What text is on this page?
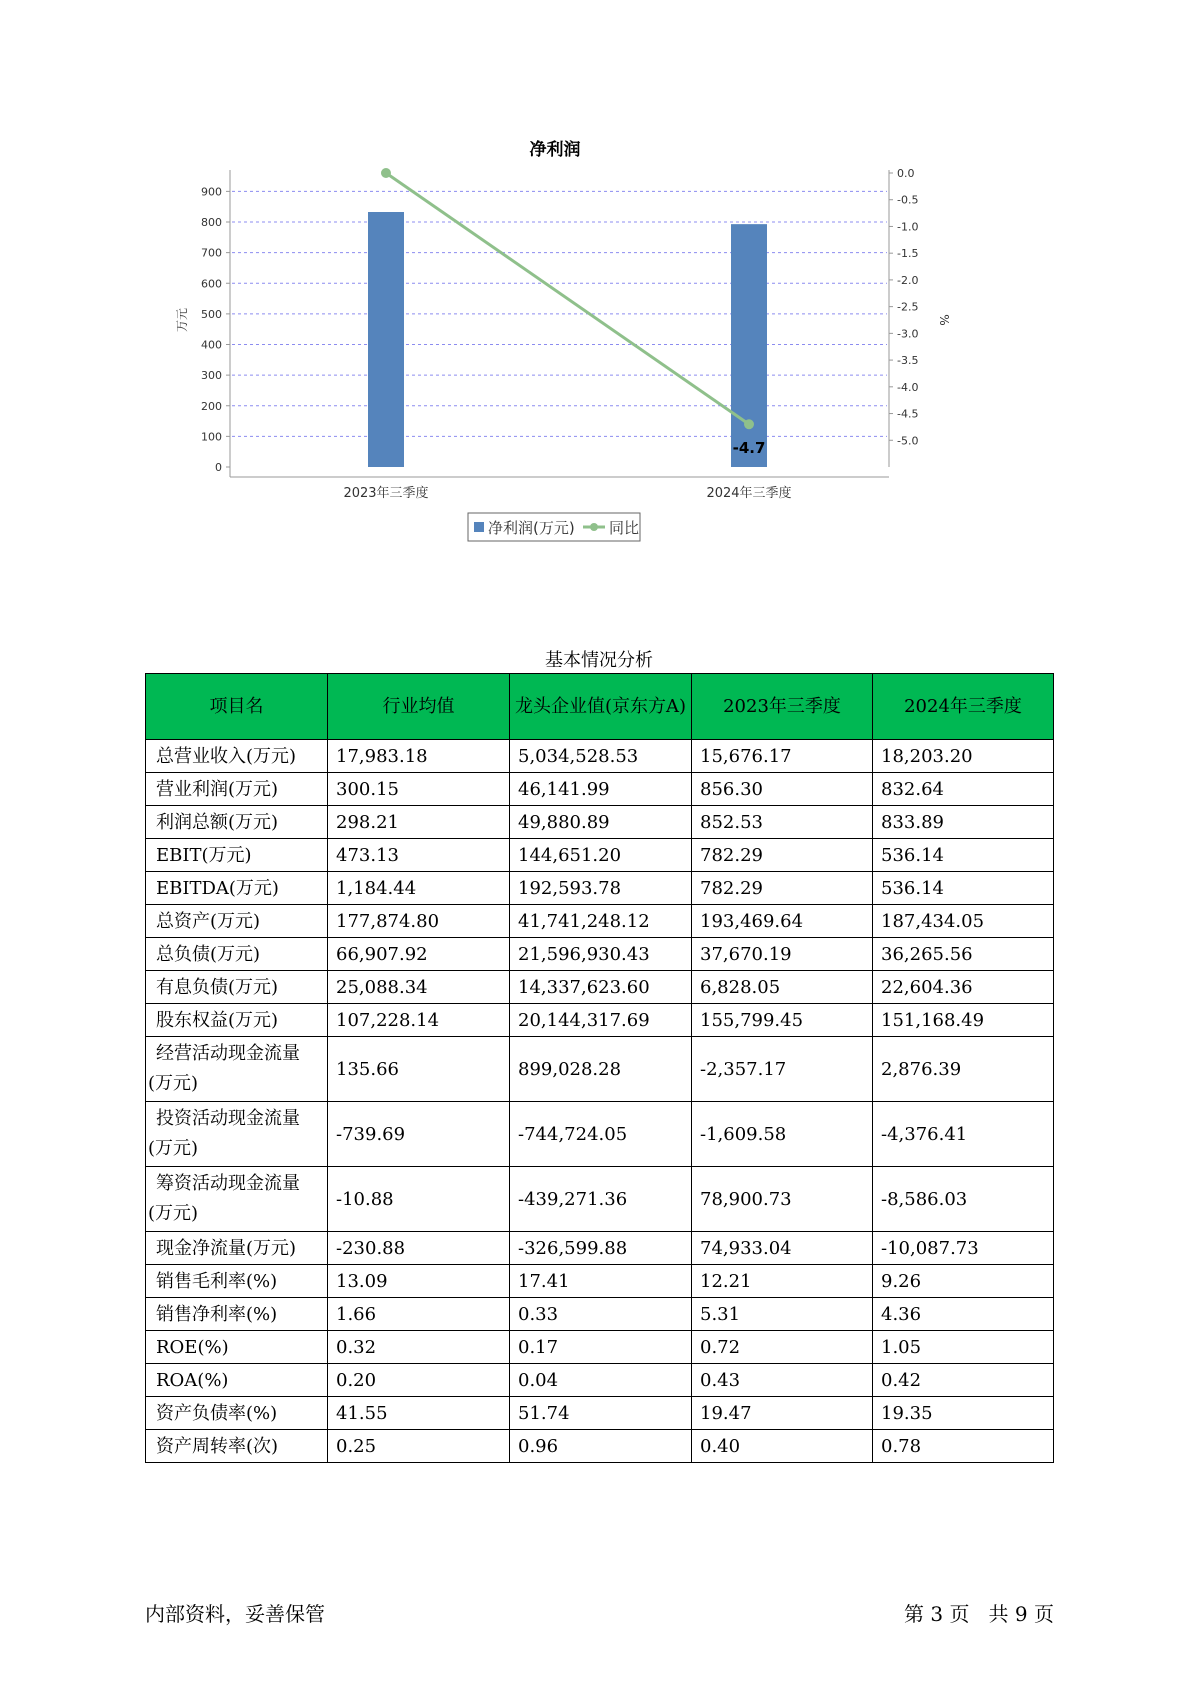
净利润
0
100
200
300
400
500
600
700
800
900
万元
0.0
-0.5
-1.0
-1.5
-2.0
-2.5
-3.0
-3.5
-4.0
-4.5
-5.0
%
2023年三季度	2024年三季度
-4.7
净利润(万元) 同比
基本情况分析
项目名	行业均值	龙头企业值(京东方A)	2023年三季度	2024年三季度
总营业收入(万元)	17,983.18	5,034,528.53	15,676.17	18,203.20
营业利润(万元)	300.15	46,141.99	856.30	832.64
利润总额(万元)	298.21	49,880.89	852.53	833.89
EBIT(万元)	473.13	144,651.20	782.29	536.14
EBITDA(万元)	1,184.44	192,593.78	782.29	536.14
总资产(万元)	177,874.80	41,741,248.12	193,469.64	187,434.05
总负债(万元)	66,907.92	21,596,930.43	37,670.19	36,265.56
有息负债(万元)	25,088.34	14,337,623.60	6,828.05	22,604.36
股东权益(万元)	107,228.14	20,144,317.69	155,799.45	151,168.49
经营活动现金流量(万元)	135.66	899,028.28	-2,357.17	2,876.39
投资活动现金流量(万元)	-739.69	-744,724.05	-1,609.58	-4,376.41
筹资活动现金流量(万元)	-10.88	-439,271.36	78,900.73	-8,586.03
现金净流量(万元)	-230.88	-326,599.88	74,933.04	-10,087.73
销售毛利率(%)	13.09	17.41	12.21	9.26
销售净利率(%)	1.66	0.33	5.31	4.36
ROE(%)	0.32	0.17	0.72	1.05
ROA(%)	0.20	0.04	0.43	0.42
资产负债率(%)	41.55	51.74	19.47	19.35
资产周转率(次)	0.25	0.96	0.40	0.78
内部资料，妥善保管	第 3 页   共 9 页
